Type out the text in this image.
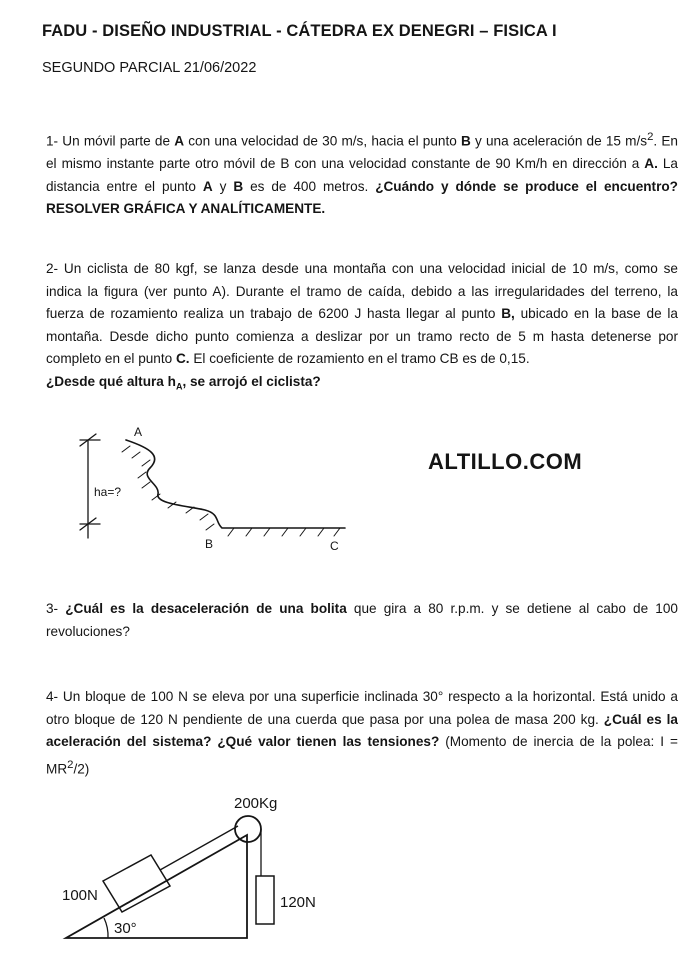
FADU - DISEÑO INDUSTRIAL - CÁTEDRA EX DENEGRI – FISICA I
SEGUNDO PARCIAL 21/06/2022
1- Un móvil parte de A con una velocidad de 30 m/s, hacia el punto B y una aceleración de 15 $m/s^2$. En el mismo instante parte otro móvil de B con una velocidad constante de 90 Km/h en dirección a A. La distancia entre el punto A y B es de 400 metros. ¿Cuándo y dónde se produce el encuentro? RESOLVER GRÁFICA Y ANALÍTICAMENTE.
2- Un ciclista de 80 kgf, se lanza desde una montaña con una velocidad inicial de 10 m/s, como se indica la figura (ver punto A). Durante el tramo de caída, debido a las irregularidades del terreno, la fuerza de rozamiento realiza un trabajo de 6200 J hasta llegar al punto B, ubicado en la base de la montaña. Desde dicho punto comienza a deslizar por un tramo recto de 5 m hasta detenerse por completo en el punto C. El coeficiente de rozamiento en el tramo CB es de 0,15.
¿Desde qué altura $h_A$, se arrojó el ciclista?
3- ¿Cuál es la desaceleración de una bolita que gira a 80 r.p.m. y se detiene al cabo de 100 revoluciones?
4- Un bloque de 100 N se eleva por una superficie inclinada 30° respecto a la horizontal. Está unido a otro bloque de 120 N pendiente de una cuerda que pasa por una polea de masa 200 kg. ¿Cuál es la aceleración del sistema? ¿Qué valor tienen las tensiones? (Momento de inercia de la polea: $I = MR^2/2$)
ALTILLO.COM
A
ha=?
B	C
200Kg
100N	120N
30°
